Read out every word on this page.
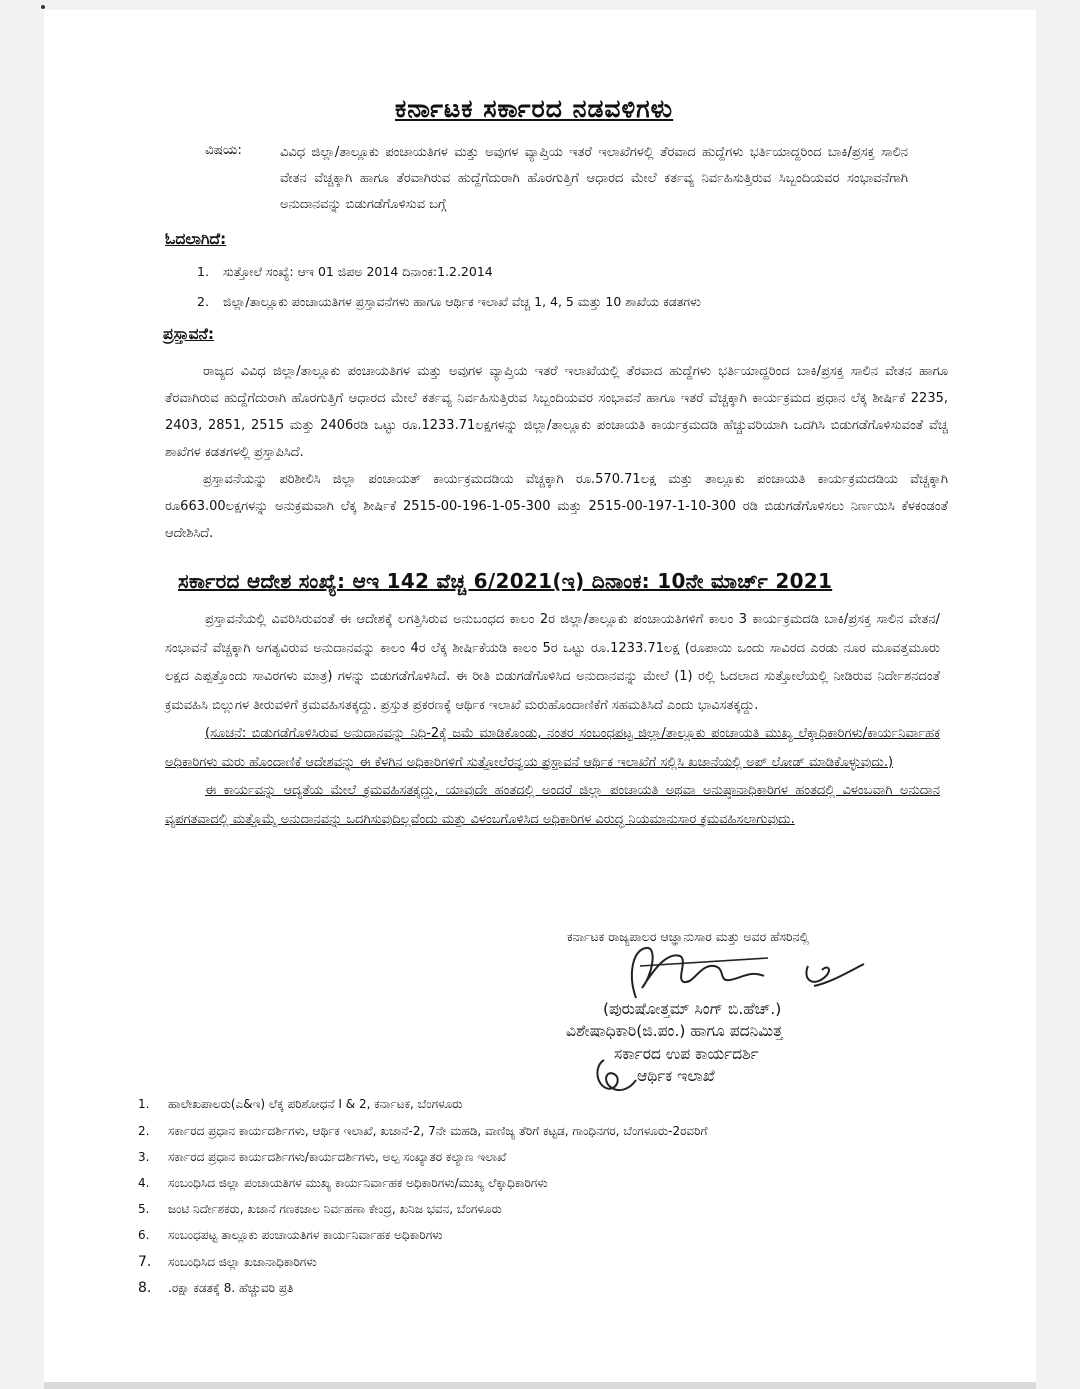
ಕರ್ನಾಟಕ ಸರ್ಕಾರದ ನಡವಳಿಗಳು
ವಿಷಯ:	ವಿವಿಧ ಜಿಲ್ಲಾ/ತಾಲ್ಲೂಕು ಪಂಚಾಯತಿಗಳ ಮತ್ತು ಅವುಗಳ ವ್ಯಾಪ್ತಿಯ ಇತರೆ ಇಲಾಖೆಗಳಲ್ಲಿ ತೆರವಾದ ಹುದ್ದೆಗಳು ಭರ್ತಿಯಾದ್ದರಿಂದ ಬಾಕಿ/ಪ್ರಸಕ್ತ ಸಾಲಿನ ವೇತನ ವೆಚ್ಚಕ್ಕಾಗಿ ಹಾಗೂ ತೆರವಾಗಿರುವ ಹುದ್ದೆಗೆದುರಾಗಿ ಹೊರಗುತ್ತಿಗೆ ಆಧಾರದ ಮೇಲೆ ಕರ್ತವ್ಯ ನಿರ್ವಹಿಸುತ್ತಿರುವ ಸಿಬ್ಬಂದಿಯವರ ಸಂಭಾವನೆಗಾಗಿ ಅನುದಾನವನ್ನು ಬಿಡುಗಡೆಗೊಳಿಸುವ ಬಗ್ಗೆ
ಓದಲಾಗಿದೆ:
1. ಸುತ್ತೋಲೆ ಸಂಖ್ಯೆ: ಆಇ 01 ಜಿಪಅ 2014 ದಿನಾಂಕ:1.2.2014
2. ಜಿಲ್ಲಾ/ತಾಲ್ಲೂಕು ಪಂಚಾಯತಿಗಳ ಪ್ರಸ್ತಾವನೆಗಳು ಹಾಗೂ ಆರ್ಥಿಕ ಇಲಾಖೆ ವೆಚ್ಚ 1, 4, 5 ಮತ್ತು 10 ಶಾಖೆಯ ಕಡತಗಳು
ಪ್ರಸ್ತಾವನೆ:

ರಾಜ್ಯದ ವಿವಿಧ ಜಿಲ್ಲಾ/ತಾಲ್ಲೂಕು ಪಂಚಾಯತಿಗಳ ಮತ್ತು ಅವುಗಳ ವ್ಯಾಪ್ತಿಯ ಇತರೆ ಇಲಾಖೆಯಲ್ಲಿ ತೆರವಾದ ಹುದ್ದೆಗಳು ಭರ್ತಿಯಾದ್ದರಿಂದ ಬಾಕಿ/ಪ್ರಸಕ್ತ ಸಾಲಿನ ವೇತನ ಹಾಗೂ ತೆರವಾಗಿರುವ ಹುದ್ದೆಗೆದುರಾಗಿ ಹೊರಗುತ್ತಿಗೆ ಆಧಾರದ ಮೇಲೆ ಕರ್ತವ್ಯ ನಿರ್ವಹಿಸುತ್ತಿರುವ ಸಿಬ್ಬಂದಿಯವರ ಸಂಭಾವನೆ ಹಾಗೂ ಇತರೆ ವೆಚ್ಚಕ್ಕಾಗಿ ಕಾರ್ಯಕ್ರಮದ ಪ್ರಧಾನ ಲೆಕ್ಕ ಶೀರ್ಷಿಕೆ 2235, 2403, 2851, 2515 ಮತ್ತು 2406ರಡಿ ಒಟ್ಟು ರೂ.1233.71ಲಕ್ಷಗಳನ್ನು ಜಿಲ್ಲಾ/ತಾಲ್ಲೂಕು ಪಂಚಾಯತಿ ಕಾರ್ಯಕ್ರಮದಡಿ ಹೆಚ್ಚುವರಿಯಾಗಿ ಒದಗಿಸಿ ಬಿಡುಗಡೆಗೊಳಿಸುವಂತೆ ವೆಚ್ಚ ಶಾಖೆಗಳ ಕಡತಗಳಲ್ಲಿ ಪ್ರಸ್ತಾಪಿಸಿದೆ.

ಪ್ರಸ್ತಾವನೆಯನ್ನು ಪರಿಶೀಲಿಸಿ ಜಿಲ್ಲಾ ಪಂಚಾಯತ್ ಕಾರ್ಯಕ್ರಮದಡಿಯ ವೆಚ್ಚಕ್ಕಾಗಿ ರೂ.570.71ಲಕ್ಷ ಮತ್ತು ತಾಲ್ಲೂಕು ಪಂಚಾಯತಿ ಕಾರ್ಯಕ್ರಮದಡಿಯ ವೆಚ್ಚಕ್ಕಾಗಿ ರೂ663.00ಲಕ್ಷಗಳನ್ನು ಅನುಕ್ರಮವಾಗಿ ಲೆಕ್ಕ ಶೀರ್ಷಿಕೆ 2515-00-196-1-05-300 ಮತ್ತು 2515-00-197-1-10-300 ರಡಿ ಬಿಡುಗಡೆಗೊಳಿಸಲು ನಿರ್ಣಯಿಸಿ ಕೆಳಕಂಡಂತೆ ಆದೇಶಿಸಿದೆ.

ಸರ್ಕಾರದ ಆದೇಶ ಸಂಖ್ಯೆ: ಆಇ 142 ವೆಚ್ಚ 6/2021(ಇ) ದಿನಾಂಕ: 10ನೇ ಮಾರ್ಚ್ 2021

ಪ್ರಸ್ತಾವನೆಯಲ್ಲಿ ವಿವರಿಸಿರುವಂತೆ ಈ ಆದೇಶಕ್ಕೆ ಲಗತ್ತಿಸಿರುವ ಅನುಬಂಧದ ಕಾಲಂ 2ರ ಜಿಲ್ಲಾ/ತಾಲ್ಲೂಕು ಪಂಚಾಯತಿಗಳಿಗೆ ಕಾಲಂ 3 ಕಾರ್ಯಕ್ರಮದಡಿ ಬಾಕಿ/ಪ್ರಸಕ್ತ ಸಾಲಿನ ವೇತನ/ಸಂಭಾವನೆ ವೆಚ್ಚಕ್ಕಾಗಿ ಅಗತ್ಯವಿರುವ ಅನುದಾನವನ್ನು ಕಾಲಂ 4ರ ಲೆಕ್ಕ ಶೀರ್ಷಿಕೆಯಡಿ ಕಾಲಂ 5ರ ಒಟ್ಟು ರೂ.1233.71ಲಕ್ಷ (ರೂಪಾಯಿ ಒಂದು ಸಾವಿರದ ಎರಡು ನೂರ ಮೂವತ್ತಮೂರು ಲಕ್ಷದ ಎಪ್ಪತ್ತೊಂದು ಸಾವಿರಗಳು ಮಾತ್ರ) ಗಳನ್ನು ಬಿಡುಗಡೆಗೊಳಿಸಿದೆ. ಈ ರೀತಿ ಬಿಡುಗಡೆಗೊಳಿಸಿದ ಅನುದಾನವನ್ನು ಮೇಲೆ (1) ರಲ್ಲಿ ಓದಲಾದ ಸುತ್ತೋಲೆಯಲ್ಲಿ ನೀಡಿರುವ ನಿರ್ದೇಶನದಂತೆ ಕ್ರಮವಹಿಸಿ ಬಿಲ್ಲುಗಳ ತೀರುವಳಿಗೆ ಕ್ರಮವಹಿಸತಕ್ಕದ್ದು. ಪ್ರಸ್ತುತ ಪ್ರಕರಣಕ್ಕೆ ಆರ್ಥಿಕ ಇಲಾಖೆ ಮರುಹೊಂದಾಣಿಕೆಗೆ ಸಹಮತಿಸಿದೆ ಎಂದು ಭಾವಿಸತಕ್ಕದ್ದು.

(ಸೂಚನೆ: ಬಿಡುಗಡೆಗೊಳಿಸಿರುವ ಅನುದಾನವನ್ನು ನಿಧಿ-2ಕ್ಕೆ ಜಮೆ ಮಾಡಿಕೊಂಡು, ನಂತರ ಸಂಬಂಧಪಟ್ಟ ಜಿಲ್ಲಾ/ತಾಲ್ಲೂಕು ಪಂಚಾಯತಿ ಮುಖ್ಯ ಲೆಕ್ಕಾಧಿಕಾರಿಗಳು/ಕಾರ್ಯನಿರ್ವಾಹಕ ಅಧಿಕಾರಿಗಳು ಮರು ಹೊಂದಾಣಿಕೆ ಆದೇಶವನ್ನು ಈ ಕೆಳಗಿನ ಅಧಿಕಾರಿಗಳಿಗೆ ಸುತ್ತೋಲೆರನ್ವಯ ಪ್ರಸ್ತಾವನೆ ಆರ್ಥಿಕ ಇಲಾಖೆಗೆ ಸಲ್ಲಿಸಿ ಖಜಾನೆಯಲ್ಲಿ ಅಪ್ ಲೋಡ್ ಮಾಡಿಕೊಳ್ಳುವುದು.)

ಈ ಕಾರ್ಯವನ್ನು ಆದ್ಯತೆಯ ಮೇಲೆ ಕ್ರಮವಹಿಸತಕ್ಕದ್ದು, ಯಾವುದೇ ಹಂತದಲ್ಲಿ ಅಂದರೆ ಜಿಲ್ಲಾ ಪಂಚಾಯತಿ ಅಥವಾ ಅನುಷ್ಠಾನಾಧಿಕಾರಿಗಳ ಹಂತದಲ್ಲಿ ವಿಳಂಬವಾಗಿ ಅನುದಾನ ವ್ಯಪಗತವಾದಲ್ಲಿ ಮತ್ತೊಮ್ಮೆ ಅನುದಾನವನ್ನು ಒದಗಿಸುವುದಿಲ್ಲವೆಂದು ಮತ್ತು ವಿಳಂಬಗೊಳಿಸಿದ ಅಧಿಕಾರಿಗಳ ವಿರುದ್ಧ ನಿಯಮಾನುಸಾರ ಕ್ರಮವಹಿಸಲಾಗುವುದು.

ಕರ್ನಾಟಕ ರಾಜ್ಯಪಾಲರ ಆಜ್ಞಾನುಸಾರ ಮತ್ತು ಅವರ ಹೆಸರಿನಲ್ಲಿ
(ಪುರುಷೋತ್ತಮ್ ಸಿಂಗ್ ಬಿ.ಹೆಚ್.)
ವಿಶೇಷಾಧಿಕಾರಿ(ಜಿ.ಪಂ.) ಹಾಗೂ ಪದನಿಮಿತ್ತ
ಸರ್ಕಾರದ ಉಪ ಕಾರ್ಯದರ್ಶಿ
ಆರ್ಥಿಕ ಇಲಾಖೆ
1. ಹಾಲೇಖಪಾಲರು(ಎ&ಇ) ಲೆಕ್ಕ ಪರಿಶೋಧನೆ I & 2, ಕರ್ನಾಟಕ, ಬೆಂಗಳೂರು
2. ಸರ್ಕಾರದ ಪ್ರಧಾನ ಕಾರ್ಯದರ್ಶಿಗಳು, ಆರ್ಥಿಕ ಇಲಾಖೆ, ಖಜಾನೆ-2, 7ನೇ ಮಹಡಿ, ವಾಣಿಜ್ಯ ತೆರಿಗೆ ಕಟ್ಟಡ, ಗಾಂಧಿನಗರ, ಬೆಂಗಳೂರು-2ರವರಿಗೆ
3. ಸರ್ಕಾರದ ಪ್ರಧಾನ ಕಾರ್ಯದರ್ಶಿಗಳು/ಕಾರ್ಯದರ್ಶಿಗಳು, ಅಲ್ಪ ಸಂಖ್ಯಾತರ ಕಲ್ಯಾಣ ಇಲಾಖೆ
4. ಸಂಬಂಧಿಸಿದ ಜಿಲ್ಲಾ ಪಂಚಾಯತಿಗಳ ಮುಖ್ಯ ಕಾರ್ಯನಿರ್ವಾಹಕ ಅಧಿಕಾರಿಗಳು/ಮುಖ್ಯ ಲೆಕ್ಕಾಧಿಕಾರಿಗಳು
5. ಜಂಟಿ ನಿರ್ದೇಶಕರು, ಖಜಾನೆ ಗಣಕಜಾಲ ನಿರ್ವಹಣಾ ಕೇಂದ್ರ, ಖನಿಜ ಭವನ, ಬೆಂಗಳೂರು
6. ಸಂಬಂಧಪಟ್ಟ ತಾಲ್ಲೂಕು ಪಂಚಾಯತಿಗಳ ಕಾರ್ಯನಿರ್ವಾಹಕ ಅಧಿಕಾರಿಗಳು
7. ಸಂಬಂಧಿಸಿದ ಜಿಲ್ಲಾ ಖಜಾನಾಧಿಕಾರಿಗಳು
8. .ರಕ್ಷಾ ಕಡತಕ್ಕೆ 8. ಹೆಚ್ಚುವರಿ ಪ್ರತಿ
